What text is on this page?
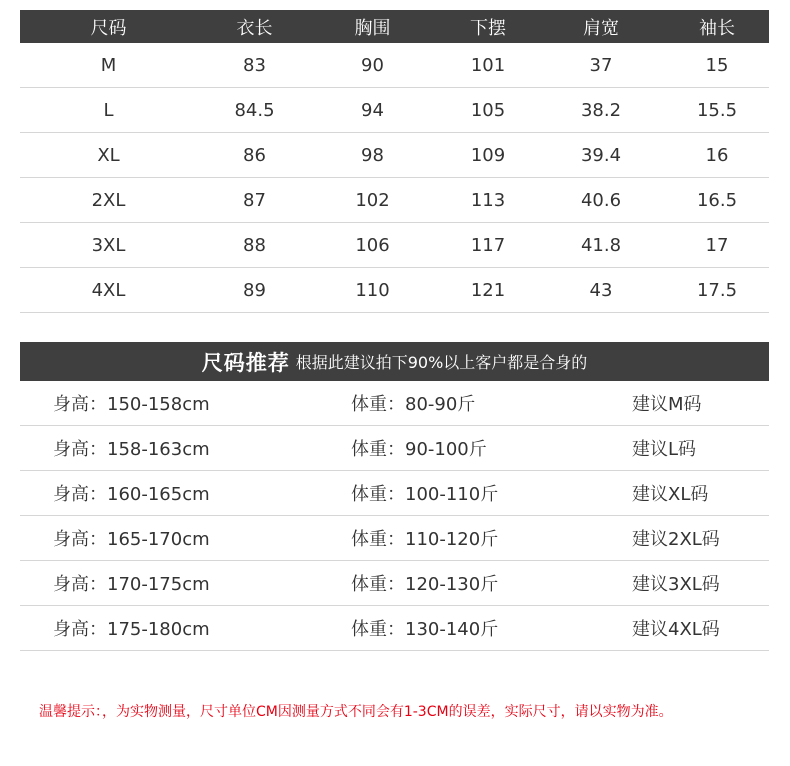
尺码	衣长	胸围	下摆	肩宽	袖长
M	83	90	101	37	15
L	84.5	94	105	38.2	15.5
XL	86	98	109	39.4	16
2XL	87	102	113	40.6	16.5
3XL	88	106	117	41.8	17
4XL	89	110	121	43	17.5
尺码推荐 根据此建议拍下90%以上客户都是合身的
身高：150-158cm	体重：80-90斤	建议M码
身高：158-163cm	体重：90-100斤	建议L码
身高：160-165cm	体重：100-110斤	建议XL码
身高：165-170cm	体重：110-120斤	建议2XL码
身高：170-175cm	体重：120-130斤	建议3XL码
身高：175-180cm	体重：130-140斤	建议4XL码
温馨提示：，为实物测量，尺寸单位CM因测量方式不同会有1-3CM的误差，实际尺寸，请以实物为准。
